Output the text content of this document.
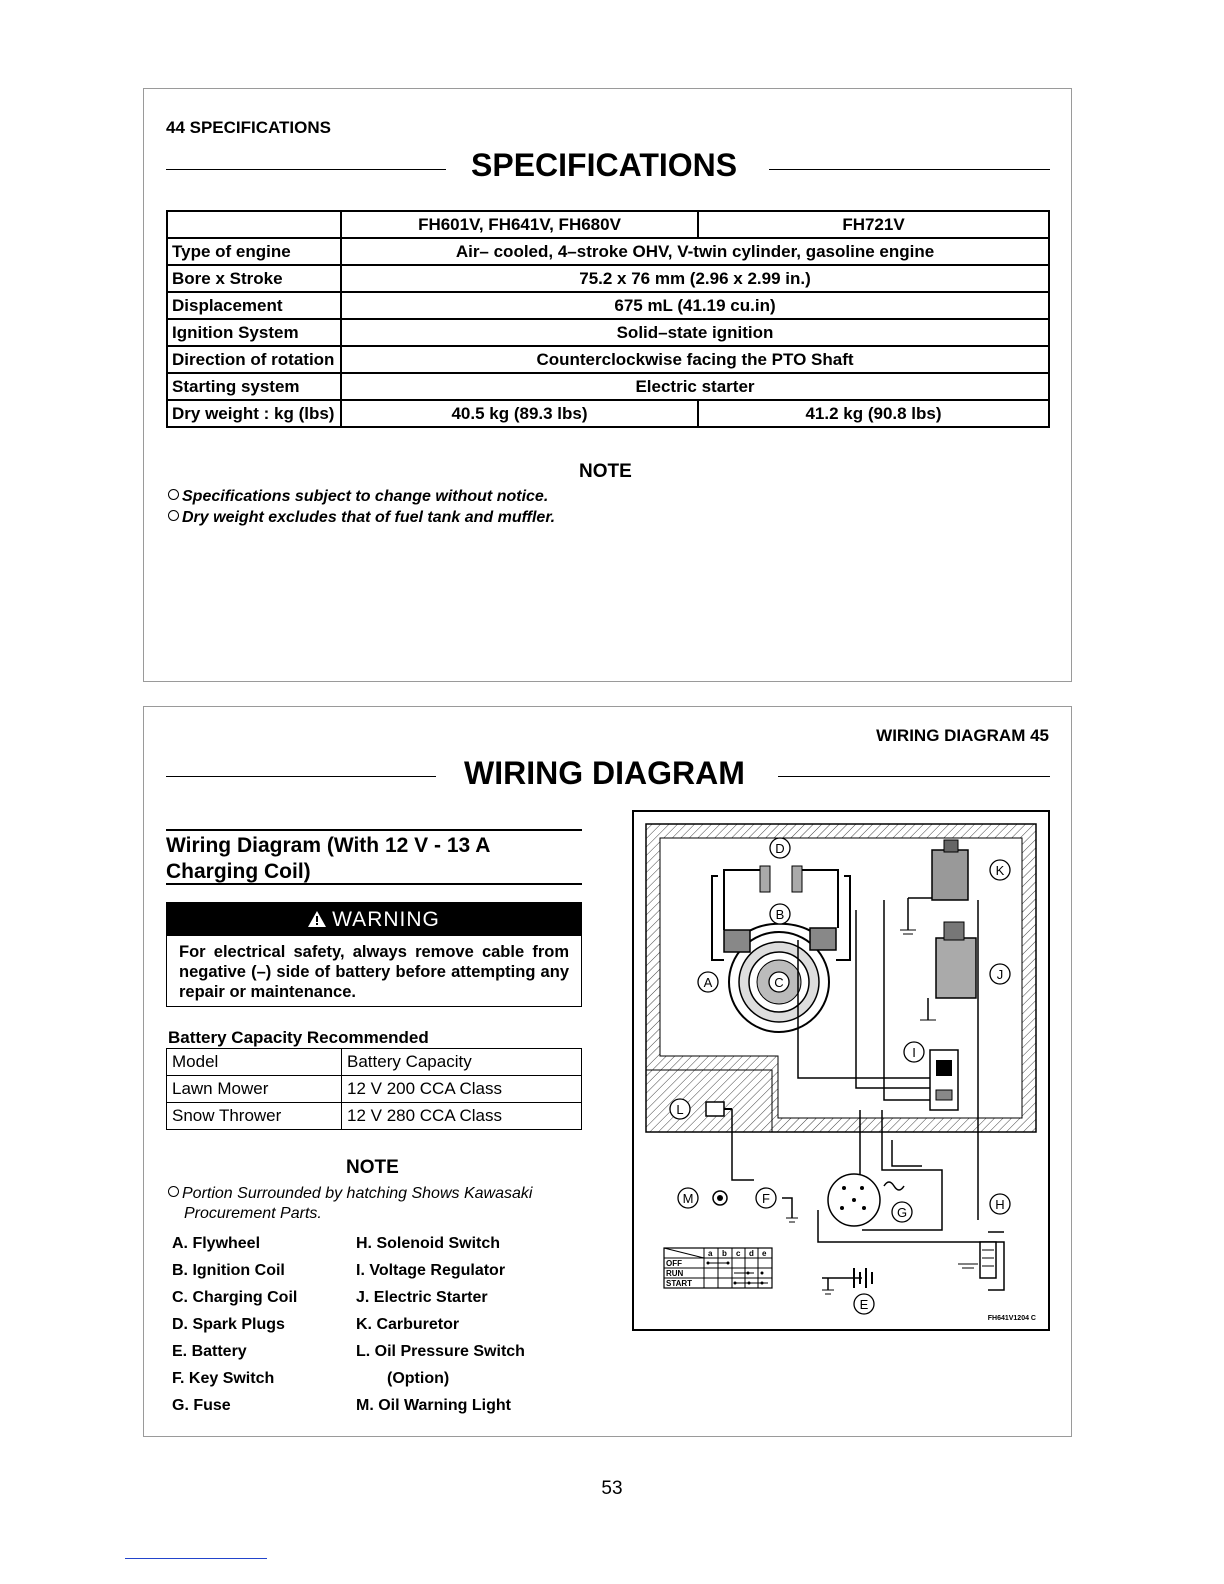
44 SPECIFICATIONS
SPECIFICATIONS
	FH601V, FH641V, FH680V	FH721V
Type of engine	Air– cooled, 4–stroke OHV, V-twin cylinder, gasoline engine	
Bore x Stroke	75.2 x 76 mm (2.96 x 2.99 in.)	
Displacement	675 mL (41.19 cu.in)	
Ignition System	Solid–state ignition	
Direction of rotation	Counterclockwise facing the PTO Shaft	
Starting system	Electric starter	
Dry weight : kg (lbs)	40.5 kg (89.3 lbs)	41.2 kg (90.8 lbs)
NOTE
Specifications subject to change without notice.
Dry weight excludes that of fuel tank and muffler.
WIRING DIAGRAM 45
WIRING DIAGRAM
Wiring Diagram (With 12 V - 13 A
Charging Coil)
WARNING
For electrical safety, always remove cable from negative (–) side of battery before attempting any repair or maintenance.
Battery Capacity Recommended
Model	Battery Capacity
Lawn Mower	12 V 200 CCA Class
Snow Thrower	12 V 280 CCA Class
NOTE
Portion Surrounded by hatching Shows Kawasaki
Procurement Parts.
A. Flywheel
B. Ignition Coil
C. Charging Coil
D. Spark Plugs
E. Battery
F. Key Switch
G. Fuse
H. Solenoid Switch
I. Voltage Regulator
J. Electric Starter
K. Carburetor
L. Oil Pressure Switch
(Option)
M. Oil Warning Light
a b c d e
OFF
RUN
START
A
B
C
D
E
F
G
H
I
J
K
L
M
FH641V1204 C
53
